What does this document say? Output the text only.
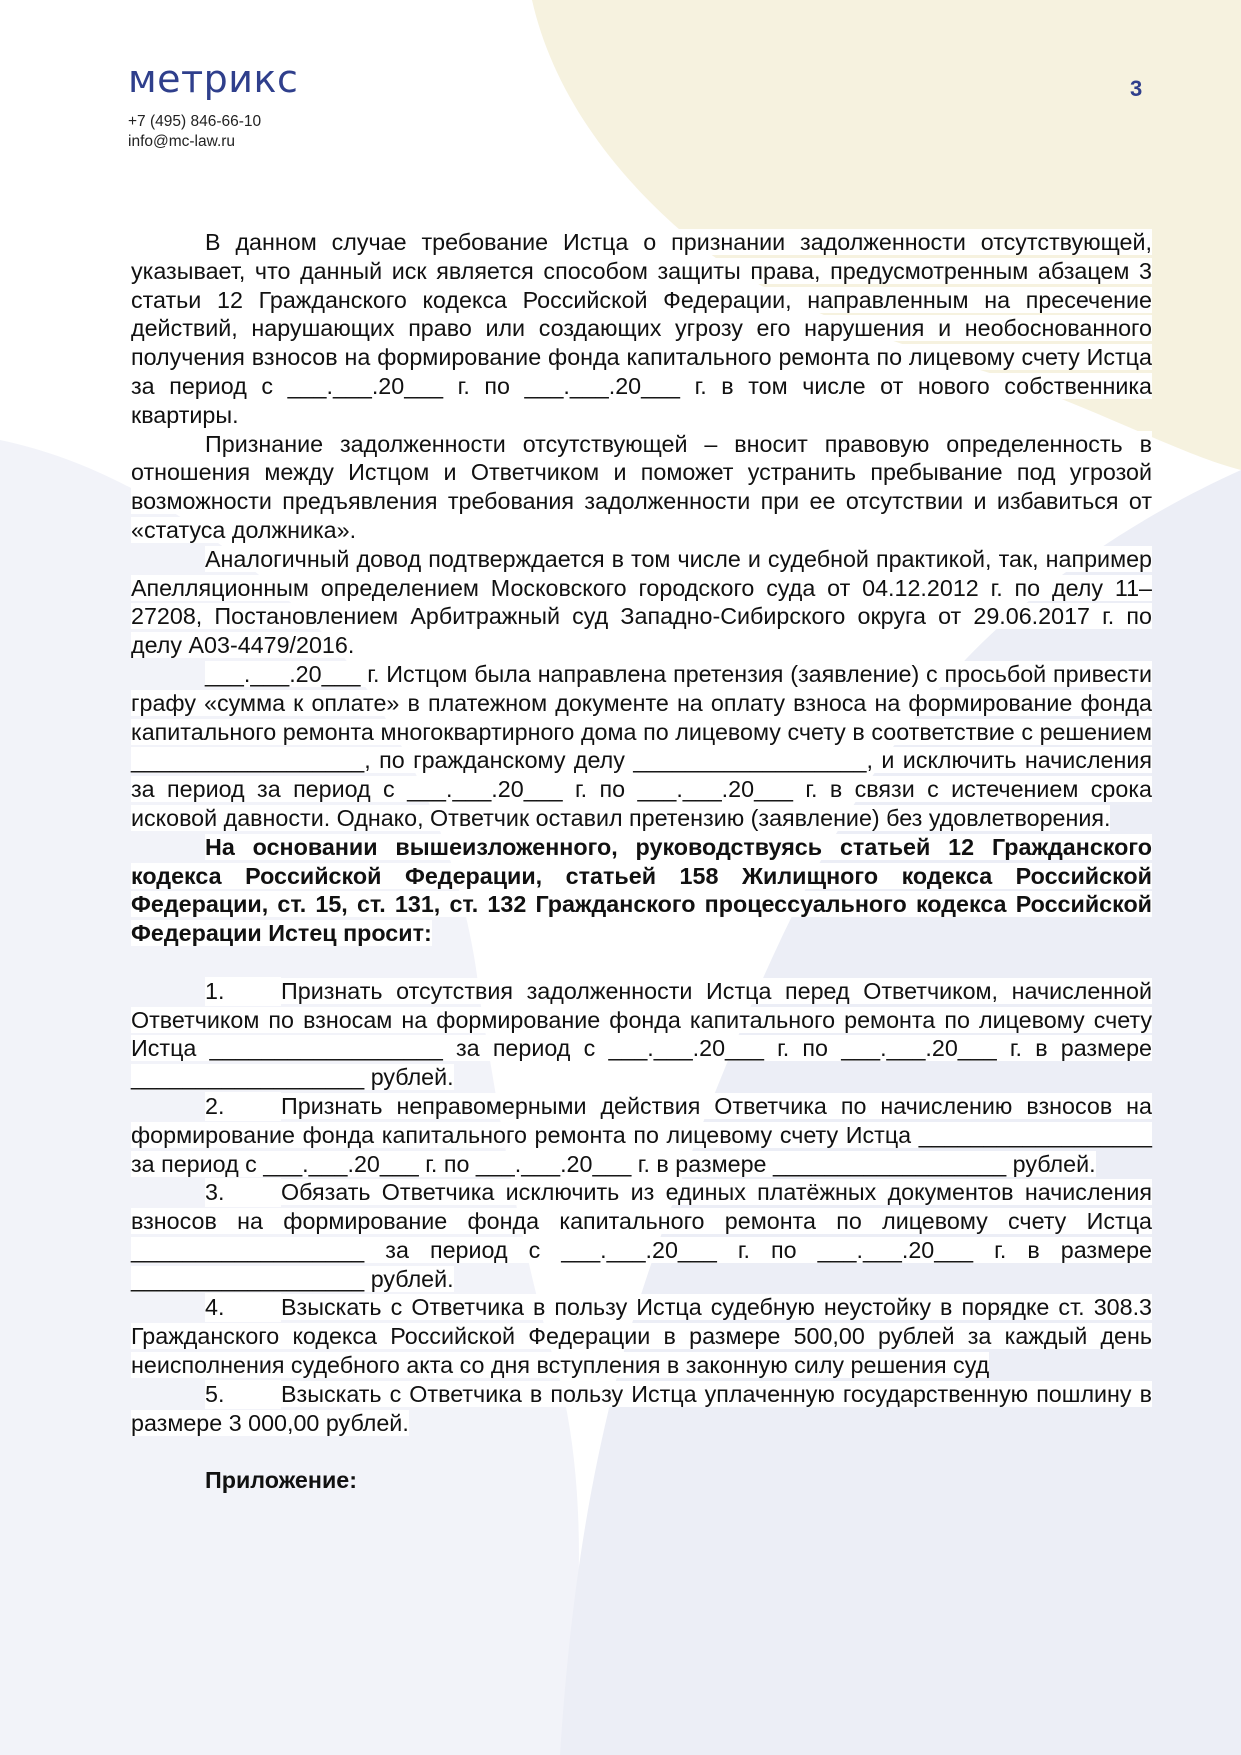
метрикс
+7 (495) 846-66-10
info@mc-law.ru
3

В данном случае требование Истца о признании задолженности отсутствующей, указывает, что данный иск является способом защиты права, предусмотренным абзацем 3 статьи 12 Гражданского кодекса Российской Федерации, направленным на пресечение действий, нарушающих право или создающих угрозу его нарушения и необоснованного получения взносов на формирование фонда капитального ремонта по лицевому счету Истца за период с ___.___.20___ г. по ___.___.20___ г. в том числе от нового собственника квартиры.

Признание задолженности отсутствующей – вносит правовую определенность в отношения между Истцом и Ответчиком и поможет устранить пребывание под угрозой возможности предъявления требования задолженности при ее отсутствии и избавиться от «статуса должника».

Аналогичный довод подтверждается в том числе и судебной практикой, так, например Апелляционным определением Московского городского суда от 04.12.2012 г. по делу 11–27208, Постановлением Арбитражный суд Западно-Сибирского округа от 29.06.2017 г. по делу А03-4479/2016.

___.___.20___ г. Истцом была направлена претензия (заявление) с просьбой привести графу «сумма к оплате» в платежном документе на оплату взноса на формирование фонда капитального ремонта многоквартирного дома по лицевому счету в соответствие с решением __________________, по гражданскому делу __________________, и исключить начисления за период за период с ___.___.20___ г. по ___.___.20___ г. в связи с истечением срока исковой давности. Однако, Ответчик оставил претензию (заявление) без удовлетворения.

На основании вышеизложенного, руководствуясь статьей 12 Гражданского кодекса Российской Федерации, статьей 158 Жилищного кодекса Российской Федерации, ст. 15, ст. 131, ст. 132 Гражданского процессуального кодекса Российской Федерации Истец просит:

1. Признать отсутствия задолженности Истца перед Ответчиком, начисленной Ответчиком по взносам на формирование фонда капитального ремонта по лицевому счету Истца __________________ за период с ___.___.20___ г. по ___.___.20___ г. в размере __________________ рублей.

2. Признать неправомерными действия Ответчика по начислению взносов на формирование фонда капитального ремонта по лицевому счету Истца __________________ за период с ___.___.20___ г. по ___.___.20___ г. в размере __________________ рублей.

3. Обязать Ответчика исключить из единых платёжных документов начисления взносов на формирование фонда капитального ремонта по лицевому счету Истца __________________ за период с ___.___.20___ г. по ___.___.20___ г. в размере __________________ рублей.

4. Взыскать с Ответчика в пользу Истца судебную неустойку в порядке ст. 308.3 Гражданского кодекса Российской Федерации в размере 500,00 рублей за каждый день неисполнения судебного акта со дня вступления в законную силу решения суд

5. Взыскать с Ответчика в пользу Истца уплаченную государственную пошлину в размере 3 000,00 рублей.

Приложение:
